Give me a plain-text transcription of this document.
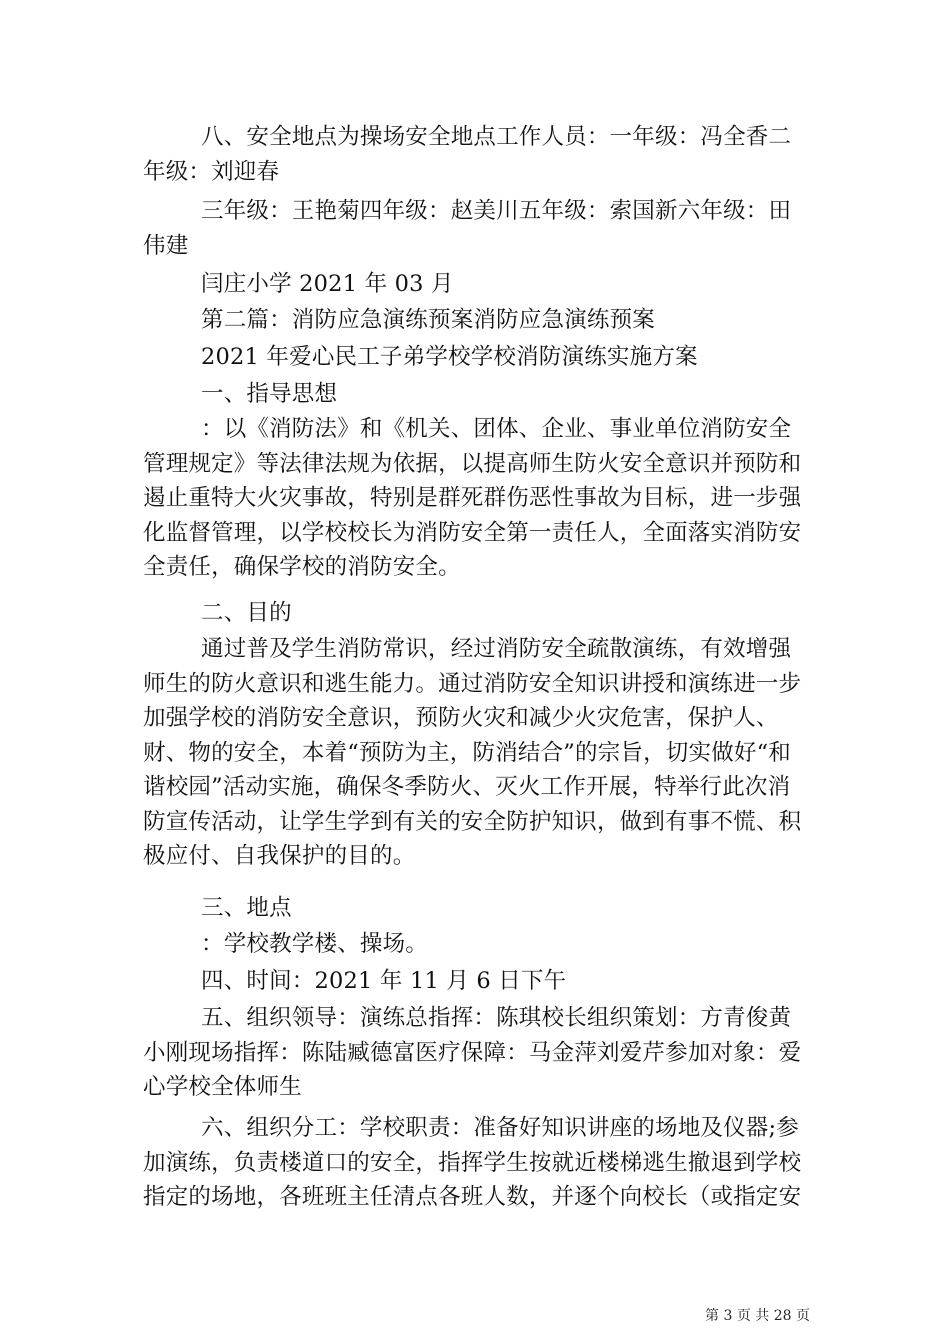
八、安全地点为操场安全地点工作人员：一年级：冯全香二年级：刘迎春

三年级：王艳菊四年级：赵美川五年级：索国新六年级：田伟建

闫庄小学 2021 年 03 月

第二篇：消防应急演练预案消防应急演练预案

2021 年爱心民工子弟学校学校消防演练实施方案

一、指导思想

：以《消防法》和《机关、团体、企业、事业单位消防安全管理规定》等法律法规为依据，以提高师生防火安全意识并预防和遏止重特大火灾事故，特别是群死群伤恶性事故为目标，进一步强化监督管理，以学校校长为消防安全第一责任人，全面落实消防安全责任，确保学校的消防安全。

二、目的

通过普及学生消防常识，经过消防安全疏散演练，有效增强师生的防火意识和逃生能力。通过消防安全知识讲授和演练进一步加强学校的消防安全意识，预防火灾和减少火灾危害，保护人、财、物的安全，本着“预防为主，防消结合”的宗旨，切实做好“和谐校园”活动实施，确保冬季防火、灭火工作开展，特举行此次消防宣传活动，让学生学到有关的安全防护知识，做到有事不慌、积极应付、自我保护的目的。

三、地点

：学校教学楼、操场。

四、时间：2021 年 11 月 6 日下午

五、组织领导：演练总指挥：陈琪校长组织策划：方青俊黄小刚现场指挥：陈陆臧德富医疗保障：马金萍刘爱芹参加对象：爱心学校全体师生

六、组织分工：学校职责：准备好知识讲座的场地及仪器;参加演练，负责楼道口的安全，指挥学生按就近楼梯逃生撤退到学校指定的场地，各班班主任清点各班人数，并逐个向校长（或指定安

第 3 页 共 28 页
